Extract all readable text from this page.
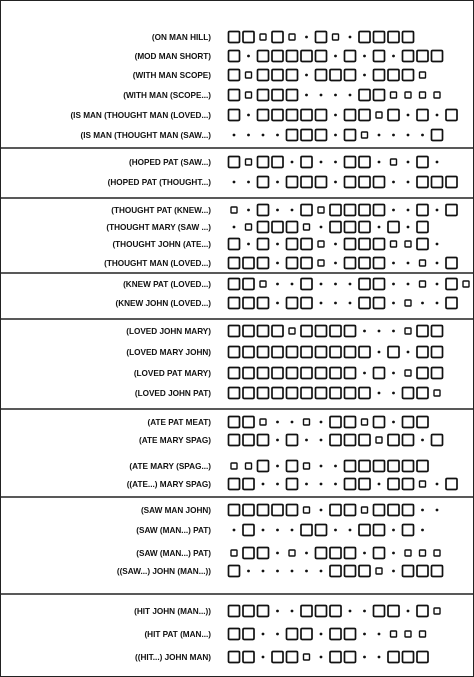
(ON MAN HILL)
(MOD MAN SHORT)
(WITH MAN SCOPE)
(WITH MAN (SCOPE...)
(IS MAN (THOUGHT MAN (LOVED...)
(IS MAN (THOUGHT MAN (SAW...)
(HOPED PAT (SAW...)
(HOPED PAT (THOUGHT...)
(THOUGHT PAT (KNEW...)
(THOUGHT MARY (SAW ...)
(THOUGHT JOHN (ATE...)
(THOUGHT MAN (LOVED...)
(KNEW PAT (LOVED...)
(KNEW JOHN (LOVED...)
(LOVED JOHN MARY)
(LOVED MARY JOHN)
(LOVED PAT MARY)
(LOVED JOHN PAT)
(ATE PAT MEAT)
(ATE MARY SPAG)
(ATE MARY (SPAG...)
((ATE...) MARY SPAG)
(SAW MAN JOHN)
(SAW (MAN...) PAT)
(SAW (MAN...) PAT)
((SAW...) JOHN (MAN...))
(HIT JOHN (MAN...))
(HIT PAT (MAN...)
((HIT...) JOHN MAN)
